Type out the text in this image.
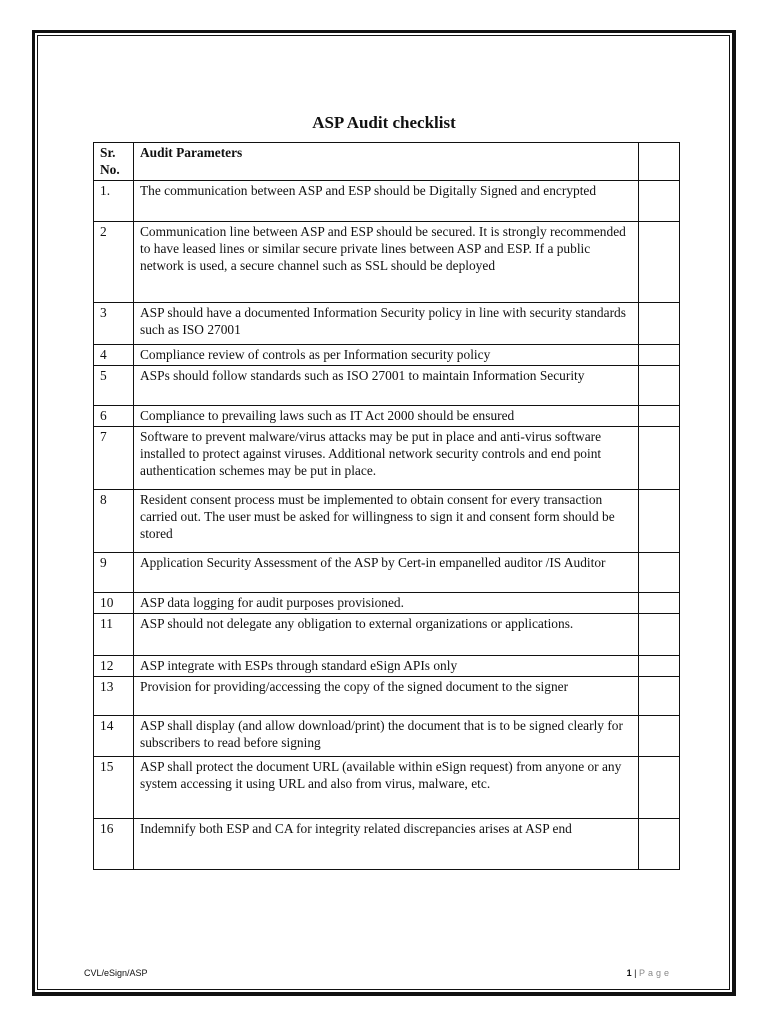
ASP Audit checklist
Sr. No.	Audit Parameters	
1.	The communication between ASP and ESP should be Digitally Signed and encrypted	
2	Communication line between ASP and ESP should be secured. It is strongly recommended to have leased lines or similar secure private lines between ASP and ESP. If a public network is used, a secure channel such as SSL should be deployed	
3	ASP should have a documented Information Security policy in line with security standards such as ISO 27001	
4	Compliance review of controls as per Information security policy	
5	ASPs should follow standards such as ISO 27001 to maintain Information Security	
6	Compliance to prevailing laws such as IT Act 2000 should be ensured	
7	Software to prevent malware/virus attacks may be put in place and anti-virus software installed to protect against viruses. Additional network security controls and end point authentication schemes may be put in place.	
8	Resident consent process must be implemented to obtain consent for every transaction carried out. The user must be asked for willingness to sign it and consent form should be stored	
9	Application Security Assessment of the ASP by Cert-in empanelled auditor /IS Auditor	
10	ASP data logging for audit purposes provisioned.	
11	ASP should not delegate any obligation to external organizations or applications.	
12	ASP integrate with ESPs through standard eSign APIs only	
13	Provision for providing/accessing the copy of the signed document to the signer	
14	ASP shall display (and allow download/print) the document that is to be signed clearly for subscribers to read before signing	
15	ASP shall protect the document URL (available within eSign request) from anyone or any system accessing it using URL and also from virus, malware, etc.	
16	Indemnify both ESP and CA for integrity related discrepancies arises at ASP end	
CVL/eSign/ASP	1 | Page
